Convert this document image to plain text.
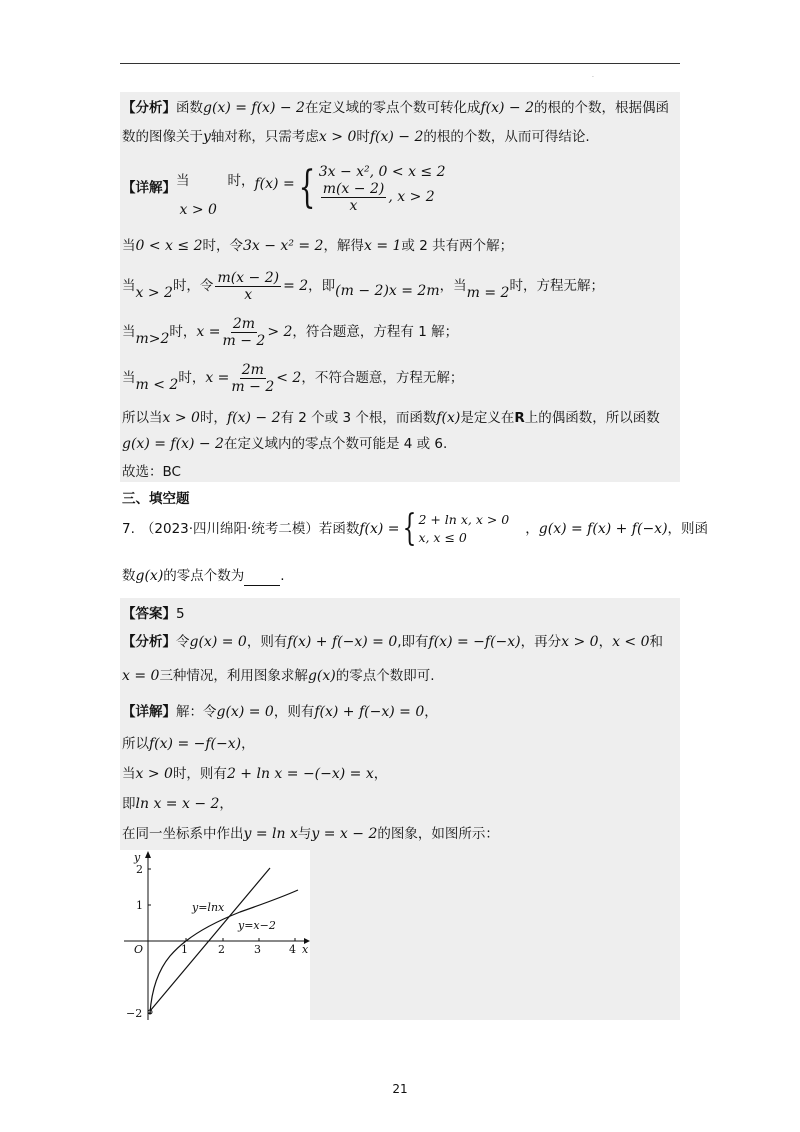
.
【分析】函数g(x) = f(x) − 2在定义域的零点个数可转化成f(x) − 2的根的个数，根据偶函
数的图像关于y轴对称，只需考虑x > 0时f(x) − 2的根的个数，从而可得结论.
【详解】 当
x > 0
时， f(x) = { 3x − x², 0 < x ≤ 2
$\frac{m(x - 2)}{x}$ , x > 2
当0 < x ≤ 2时，令3x − x² = 2，解得x = 1或 2 共有两个解；
当 x > 2 时，令 $\frac{m(x - 2)}{x} = 2$ ，即 (m − 2)x = 2m ，当 m = 2 时，方程无解；
当 m>2 时， $x = \frac{2m}{m - 2} > 2$ ，符合题意，方程有 1 解；
当 m < 2 时， $x = \frac{2m}{m - 2} < 2$ ，不符合题意，方程无解；
所以当x > 0时，f(x) − 2有 2 个或 3 个根，而函数f(x)是定义在R上的偶函数，所以函数
g(x) = f(x) − 2在定义域内的零点个数可能是 4 或 6.
故选：BC
三、填空题
7. （2023·四川绵阳·统考二模）若函数 f(x) = { 2 + ln x, x > 0
x, x ≤ 0
， g(x) = f(x) + f(−x) ，则函
数g(x)的零点个数为	.
【答案】5
【分析】令g(x) = 0，则有f(x) + f(−x) = 0,即有f(x) = −f(−x)，再分x > 0，x < 0和
x = 0三种情况，利用图象求解g(x)的零点个数即可.
【详解】解：令g(x) = 0，则有f(x) + f(−x) = 0，
所以f(x) = −f(−x)，
当x > 0时，则有2 + ln x = −(−x) = x，
即ln x = x − 2，
在同一坐标系中作出y = ln x与y = x − 2的图象，如图所示：
y
x
O	1	2	3	4
2
1
−2
y=lnx
y=x−2
21
